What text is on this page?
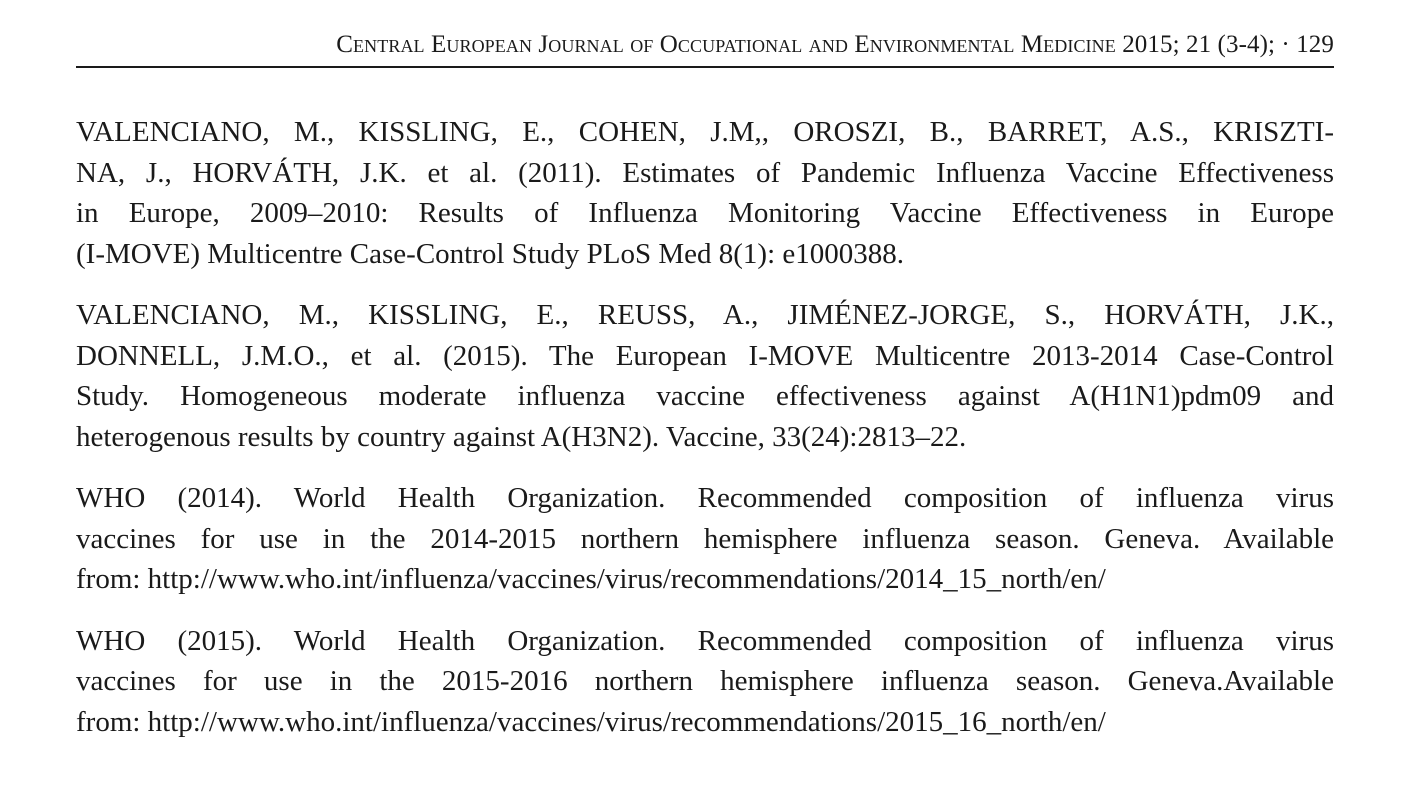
Central European Journal of Occupational and Environmental Medicine 2015; 21 (3-4); · 129

VALENCIANO, M., KISSLING, E., COHEN, J.M,, OROSZI, B., BARRET, A.S., KRISZTI-
NA, J., HORVÁTH, J.K. et al. (2011). Estimates of Pandemic Influenza Vaccine Effectiveness
in Europe, 2009–2010: Results of Influenza Monitoring Vaccine Effectiveness in Europe
(I-MOVE) Multicentre Case-Control Study PLoS Med 8(1): e1000388.

VALENCIANO, M., KISSLING, E., REUSS, A., JIMÉNEZ-JORGE, S., HORVÁTH, J.K.,
DONNELL, J.M.O., et al. (2015). The European I-MOVE Multicentre 2013-2014 Case-Control
Study. Homogeneous moderate influenza vaccine effectiveness against A(H1N1)pdm09 and
heterogenous results by country against A(H3N2). Vaccine, 33(24):2813–22.

WHO (2014). World Health Organization. Recommended composition of influenza virus
vaccines for use in the 2014-2015 northern hemisphere influenza season. Geneva. Available
from: http://www.who.int/influenza/vaccines/virus/recommendations/2014_15_north/en/

WHO (2015). World Health Organization. Recommended composition of influenza virus
vaccines for use in the 2015-2016 northern hemisphere influenza season. Geneva.Available
from: http://www.who.int/influenza/vaccines/virus/recommendations/2015_16_north/en/
